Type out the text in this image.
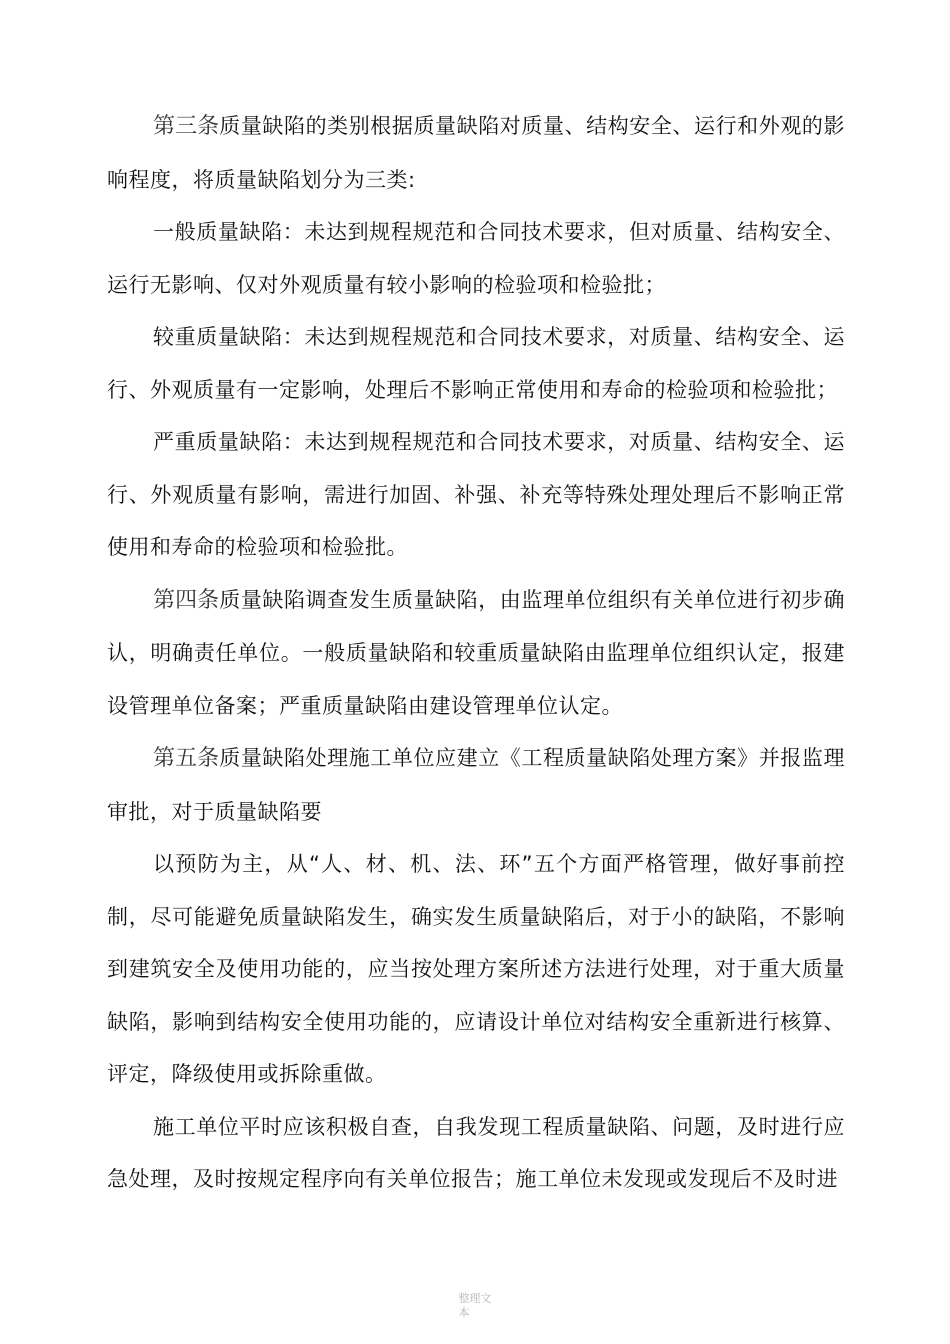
第三条质量缺陷的类别根据质量缺陷对质量、结构安全、运行和外观的影响程度，将质量缺陷划分为三类:

一般质量缺陷：未达到规程规范和合同技术要求，但对质量、结构安全、运行无影响、仅对外观质量有较小影响的检验项和检验批；

较重质量缺陷：未达到规程规范和合同技术要求，对质量、结构安全、运行、外观质量有一定影响，处理后不影响正常使用和寿命的检验项和检验批；

严重质量缺陷：未达到规程规范和合同技术要求，对质量、结构安全、运行、外观质量有影响，需进行加固、补强、补充等特殊处理处理后不影响正常使用和寿命的检验项和检验批。

第四条质量缺陷调查发生质量缺陷，由监理单位组织有关单位进行初步确认，明确责任单位。一般质量缺陷和较重质量缺陷由监理单位组织认定，报建设管理单位备案；严重质量缺陷由建设管理单位认定。

第五条质量缺陷处理施工单位应建立《工程质量缺陷处理方案》并报监理审批，对于质量缺陷要

以预防为主，从“人、材、机、法、环”五个方面严格管理，做好事前控制，尽可能避免质量缺陷发生，确实发生质量缺陷后，对于小的缺陷，不影响到建筑安全及使用功能的，应当按处理方案所述方法进行处理，对于重大质量缺陷，影响到结构安全使用功能的，应请设计单位对结构安全重新进行核算、评定，降级使用或拆除重做。

施工单位平时应该积极自查，自我发现工程质量缺陷、问题，及时进行应急处理，及时按规定程序向有关单位报告；施工单位未发现或发现后不及时进

整理文
本
